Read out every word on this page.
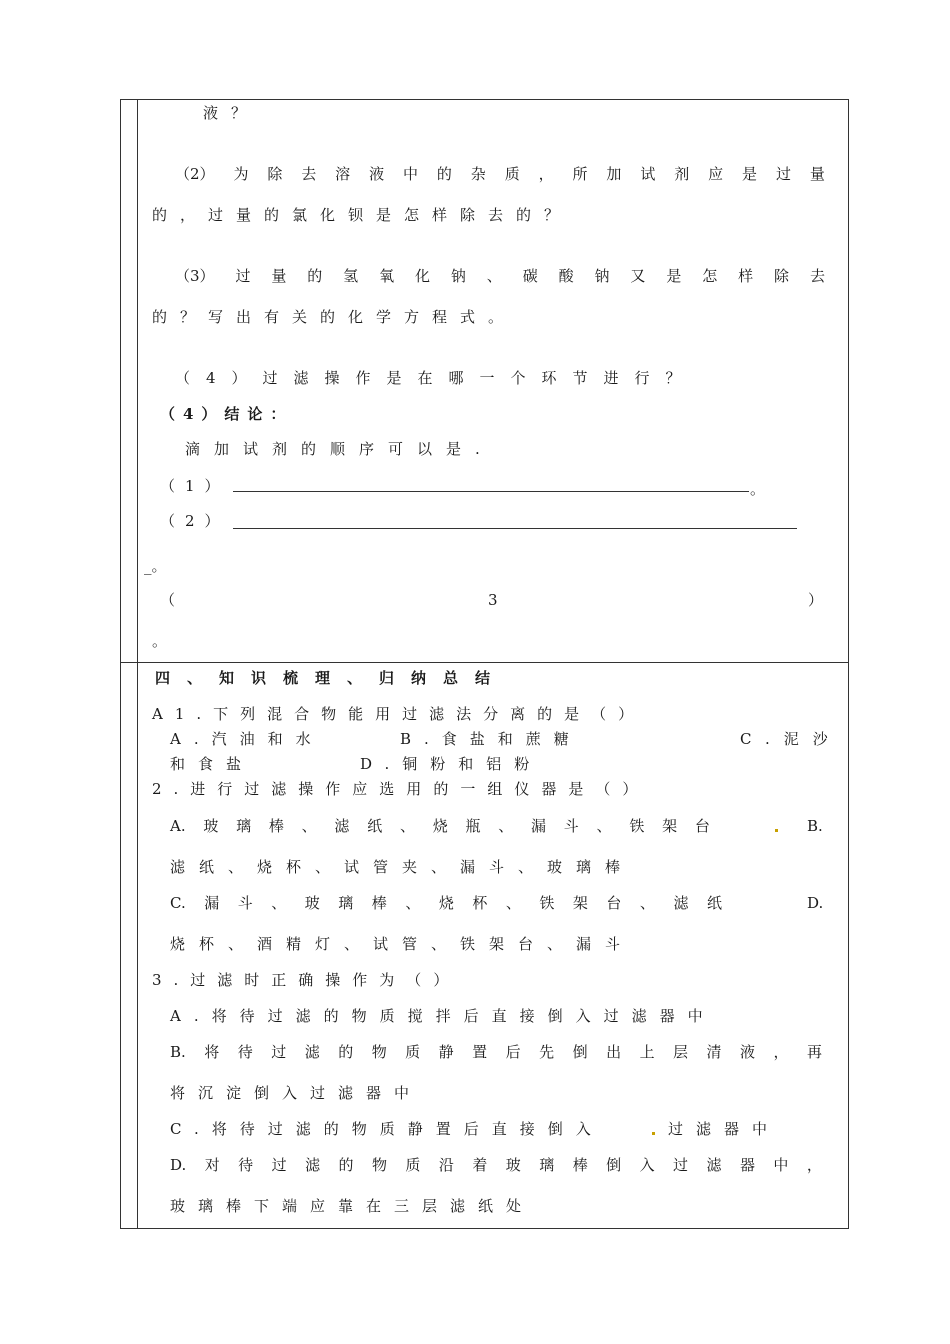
液？
（2） 为 除 去 溶 液 中 的 杂 质 ， 所 加 试 剂 应 是 过 量
的，过量的氯化钡是怎样除去的？
（3） 过 量 的 氢 氧 化 钠 、 碳 酸 钠 又 是 怎 样 除 去
的？写出有关的化学方程式。
（4）过滤操作是在哪一个环节进行？
（4）结论：
滴加试剂的顺序可以是.
（1）	。
（2）
_。
（	3	）
。
四、知识梳理、归纳总结
A1.下列混合物能用过滤法分离的是（）
A.汽油和水	B.食盐和蔗糖	C.泥沙
和食盐	D.铜粉和铝粉
2.进行过滤操作应选用的一组仪器是（）
A. 玻 璃 棒 、 滤 纸 、 烧 瓶 、 漏 斗 、 铁 架 台	B.
滤纸、烧杯、试管夹、漏斗、玻璃棒
C. 漏 斗 、 玻 璃 棒 、 烧 杯 、 铁 架 台 、 滤 纸	D.
烧杯、酒精灯、试管、铁架台、漏斗
3.过滤时正确操作为（）
A.将待过滤的物质搅拌后直接倒入过滤器中
B. 将 待 过 滤 的 物 质 静 置 后 先 倒 出 上 层 清 液 ， 再
将沉淀倒入过滤器中
C.将待过滤的物质静置后直接倒入	过滤器中
D. 对 待 过 滤 的 物 质 沿 着 玻 璃 棒 倒 入 过 滤 器 中 ，
玻璃棒下端应靠在三层滤纸处
